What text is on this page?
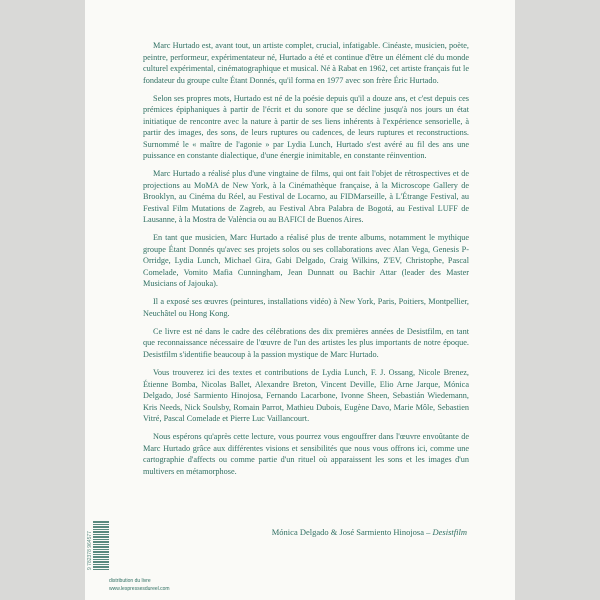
Marc Hurtado est, avant tout, un artiste complet, crucial, infatigable. Cinéaste, musicien, poète, peintre, performeur, expérimentateur né, Hurtado a été et continue d'être un élément clé du monde culturel expérimental, cinématographique et musical. Né à Rabat en 1962, cet artiste français fut le fondateur du groupe culte Étant Donnés, qu'il forma en 1977 avec son frère Éric Hurtado.

Selon ses propres mots, Hurtado est né de la poésie depuis qu'il a douze ans, et c'est depuis ces prémices épiphaniques à partir de l'écrit et du sonore que se décline jusqu'à nos jours un état initiatique de rencontre avec la nature à partir de ses liens inhérents à l'expérience sensorielle, à partir des images, des sons, de leurs ruptures ou cadences, de leurs ruptures et reconstructions. Surnommé le « maître de l'agonie » par Lydia Lunch, Hurtado s'est avéré au fil des ans une puissance en constante dialectique, d'une énergie inimitable, en constante réinvention.

Marc Hurtado a réalisé plus d'une vingtaine de films, qui ont fait l'objet de rétrospectives et de projections au MoMA de New York, à la Cinémathèque française, à la Microscope Gallery de Brooklyn, au Cinéma du Réel, au Festival de Locarno, au FIDMarseille, à L'Étrange Festival, au Festival Film Mutations de Zagreb, au Festival Abra Palabra de Bogotá, au Festival LUFF de Lausanne, à la Mostra de València ou au BAFICI de Buenos Aires.

En tant que musicien, Marc Hurtado a réalisé plus de trente albums, notamment le mythique groupe Étant Donnés qu'avec ses projets solos ou ses collaborations avec Alan Vega, Genesis P-Orridge, Lydia Lunch, Michael Gira, Gabi Delgado, Craig Wilkins, Z'EV, Christophe, Pascal Comelade, Vomito Mafia Cunningham, Jean Dunnatt ou Bachir Attar (leader des Master Musicians of Jajouka).

Il a exposé ses œuvres (peintures, installations vidéo) à New York, Paris, Poitiers, Montpellier, Neuchâtel ou Hong Kong.

Ce livre est né dans le cadre des célébrations des dix premières années de Desistfilm, en tant que reconnaissance nécessaire de l'œuvre de l'un des artistes les plus importants de notre époque. Desistfilm s'identifie beaucoup à la passion mystique de Marc Hurtado.

Vous trouverez ici des textes et contributions de Lydia Lunch, F. J. Ossang, Nicole Brenez, Étienne Bomba, Nicolas Ballet, Alexandre Breton, Vincent Deville, Elio Arne Jarque, Mónica Delgado, José Sarmiento Hinojosa, Fernando Lacarbone, Ivonne Sheen, Sebastián Wiedemann, Kris Needs, Nick Soulsby, Romain Parrot, Mathieu Dubois, Eugène Davo, Marie Môle, Sebastien Vitré, Pascal Comelade et Pierre Luc Vaillancourt.

Nous espérons qu'après cette lecture, vous pourrez vous engouffrer dans l'œuvre envoûtante de Marc Hurtado grâce aux différentes visions et sensibilités que nous vous offrons ici, comme une cartographie d'affects ou comme partie d'un rituel où apparaissent les sons et les images d'un multivers en métamorphose.

Mónica Delgado & José Sarmiento Hinojosa – Desistfilm
9 782378 964577
distribution du livre
www.lespressesdureel.com
